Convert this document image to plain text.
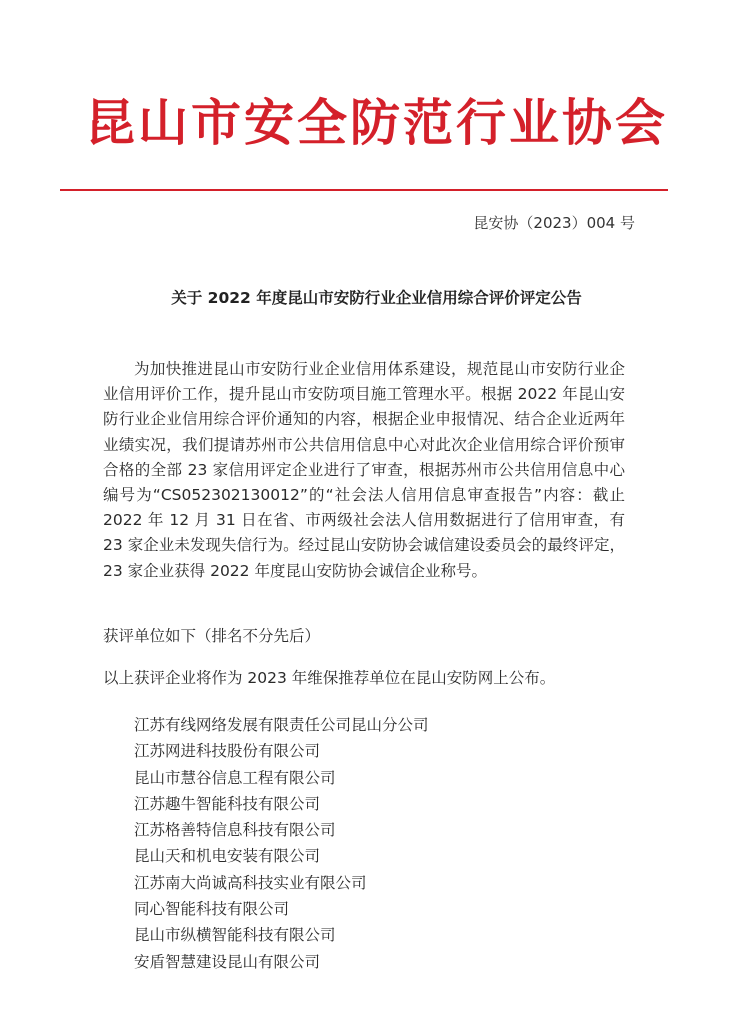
昆山市安全防范行业协会
昆安协（2023）004 号
关于 2022 年度昆山市安防行业企业信用综合评价评定公告

为加快推进昆山市安防行业企业信用体系建设，规范昆山市安防行业企业信用评价工作，提升昆山市安防项目施工管理水平。根据 2022 年昆山安防行业企业信用综合评价通知的内容，根据企业申报情况、结合企业近两年业绩实况，我们提请苏州市公共信用信息中心对此次企业信用综合评价预审合格的全部 23 家信用评定企业进行了审查，根据苏州市公共信用信息中心编号为“CS052302130012”的“社会法人信用信息审查报告”内容：截止 2022 年 12 月 31 日在省、市两级社会法人信用数据进行了信用审查，有 23 家企业未发现失信行为。经过昆山安防协会诚信建设委员会的最终评定，23 家企业获得 2022 年度昆山安防协会诚信企业称号。

获评单位如下（排名不分先后）
以上获评企业将作为 2023 年维保推荐单位在昆山安防网上公布。
江苏有线网络发展有限责任公司昆山分公司
江苏网进科技股份有限公司
昆山市慧谷信息工程有限公司
江苏趣牛智能科技有限公司
江苏格善特信息科技有限公司
昆山天和机电安装有限公司
江苏南大尚诚高科技实业有限公司
同心智能科技有限公司
昆山市纵横智能科技有限公司
安盾智慧建设昆山有限公司
